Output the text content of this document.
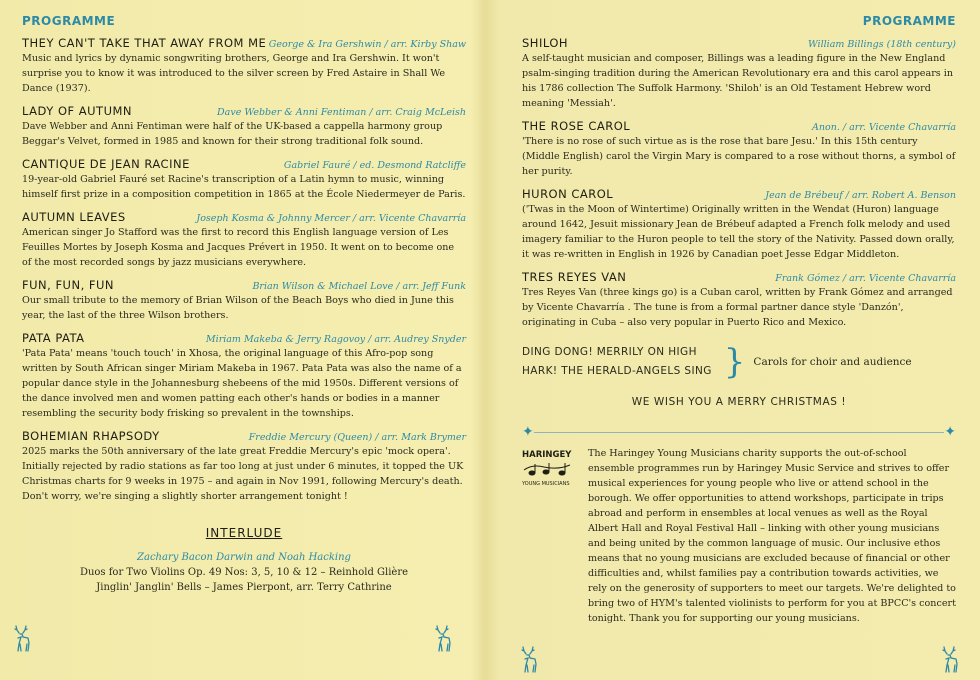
PROGRAMME
THEY CAN'T TAKE THAT AWAY FROM ME George & Ira Gershwin / arr. Kirby Shaw
Music and lyrics by dynamic songwriting brothers, George and Ira Gershwin. It won't surprise you to know it was introduced to the silver screen by Fred Astaire in Shall We Dance (1937).
LADY OF AUTUMN	Dave Webber & Anni Fentiman / arr. Craig McLeish
Dave Webber and Anni Fentiman were half of the UK-based a cappella harmony group Beggar's Velvet, formed in 1985 and known for their strong traditional folk sound.
CANTIQUE DE JEAN RACINE	Gabriel Fauré / ed. Desmond Ratcliffe
19-year-old Gabriel Fauré set Racine's transcription of a Latin hymn to music, winning himself first prize in a composition competition in 1865 at the École Niedermeyer de Paris.
AUTUMN LEAVES	Joseph Kosma & Johnny Mercer / arr. Vicente Chavarría
American singer Jo Stafford was the first to record this English language version of Les Feuilles Mortes by Joseph Kosma and Jacques Prévert in 1950. It went on to become one of the most recorded songs by jazz musicians everywhere.
FUN, FUN, FUN	Brian Wilson & Michael Love / arr. Jeff Funk
Our small tribute to the memory of Brian Wilson of the Beach Boys who died in June this year, the last of the three Wilson brothers.
PATA PATA	Miriam Makeba & Jerry Ragovoy / arr. Audrey Snyder
'Pata Pata' means 'touch touch' in Xhosa, the original language of this Afro-pop song written by South African singer Miriam Makeba in 1967. Pata Pata was also the name of a popular dance style in the Johannesburg shebeens of the mid 1950s. Different versions of the dance involved men and women patting each other's hands or bodies in a manner resembling the security body frisking so prevalent in the townships.
BOHEMIAN RHAPSODY	Freddie Mercury (Queen) / arr. Mark Brymer
2025 marks the 50th anniversary of the late great Freddie Mercury's epic 'mock opera'. Initially rejected by radio stations as far too long at just under 6 minutes, it topped the UK Christmas charts for 9 weeks in 1975 – and again in Nov 1991, following Mercury's death. Don't worry, we're singing a slightly shorter arrangement tonight !
INTERLUDE
Zachary Bacon Darwin and Noah Hacking
Duos for Two Violins Op. 49 Nos: 3, 5, 10 & 12 – Reinhold Glière
Jinglin' Janglin' Bells – James Pierpont, arr. Terry Cathrine
PROGRAMME
SHILOH	William Billings (18th century)
A self-taught musician and composer, Billings was a leading figure in the New England psalm-singing tradition during the American Revolutionary era and this carol appears in his 1786 collection The Suffolk Harmony. 'Shiloh' is an Old Testament Hebrew word meaning 'Messiah'.
THE ROSE CAROL	Anon. / arr. Vicente Chavarría
'There is no rose of such virtue as is the rose that bare Jesu.' In this 15th century (Middle English) carol the Virgin Mary is compared to a rose without thorns, a symbol of her purity.
HURON CAROL	Jean de Brébeuf / arr. Robert A. Benson
('Twas in the Moon of Wintertime) Originally written in the Wendat (Huron) language around 1642, Jesuit missionary Jean de Brébeuf adapted a French folk melody and used imagery familiar to the Huron people to tell the story of the Nativity. Passed down orally, it was re-written in English in 1926 by Canadian poet Jesse Edgar Middleton.
TRES REYES VAN	Frank Gómez / arr. Vicente Chavarría
Tres Reyes Van (three kings go) is a Cuban carol, written by Frank Gómez and arranged by Vicente Chavarría . The tune is from a formal partner dance style 'Danzón', originating in Cuba – also very popular in Puerto Rico and Mexico.
DING DONG! MERRILY ON HIGH
HARK! THE HERALD-ANGELS SING } Carols for choir and audience
WE WISH YOU A MERRY CHRISTMAS !
✦	✦
HARINGEY
YOUNG MUSICIANS
The Haringey Young Musicians charity supports the out-of-school ensemble programmes run by Haringey Music Service and strives to offer musical experiences for young people who live or attend school in the borough. We offer opportunities to attend workshops, participate in trips abroad and perform in ensembles at local venues as well as the Royal Albert Hall and Royal Festival Hall – linking with other young musicians and being united by the common language of music. Our inclusive ethos means that no young musicians are excluded because of financial or other difficulties and, whilst families pay a contribution towards activities, we rely on the generosity of supporters to meet our targets. We're delighted to bring two of HYM's talented violinists to perform for you at BPCC's concert tonight. Thank you for supporting our young musicians.
